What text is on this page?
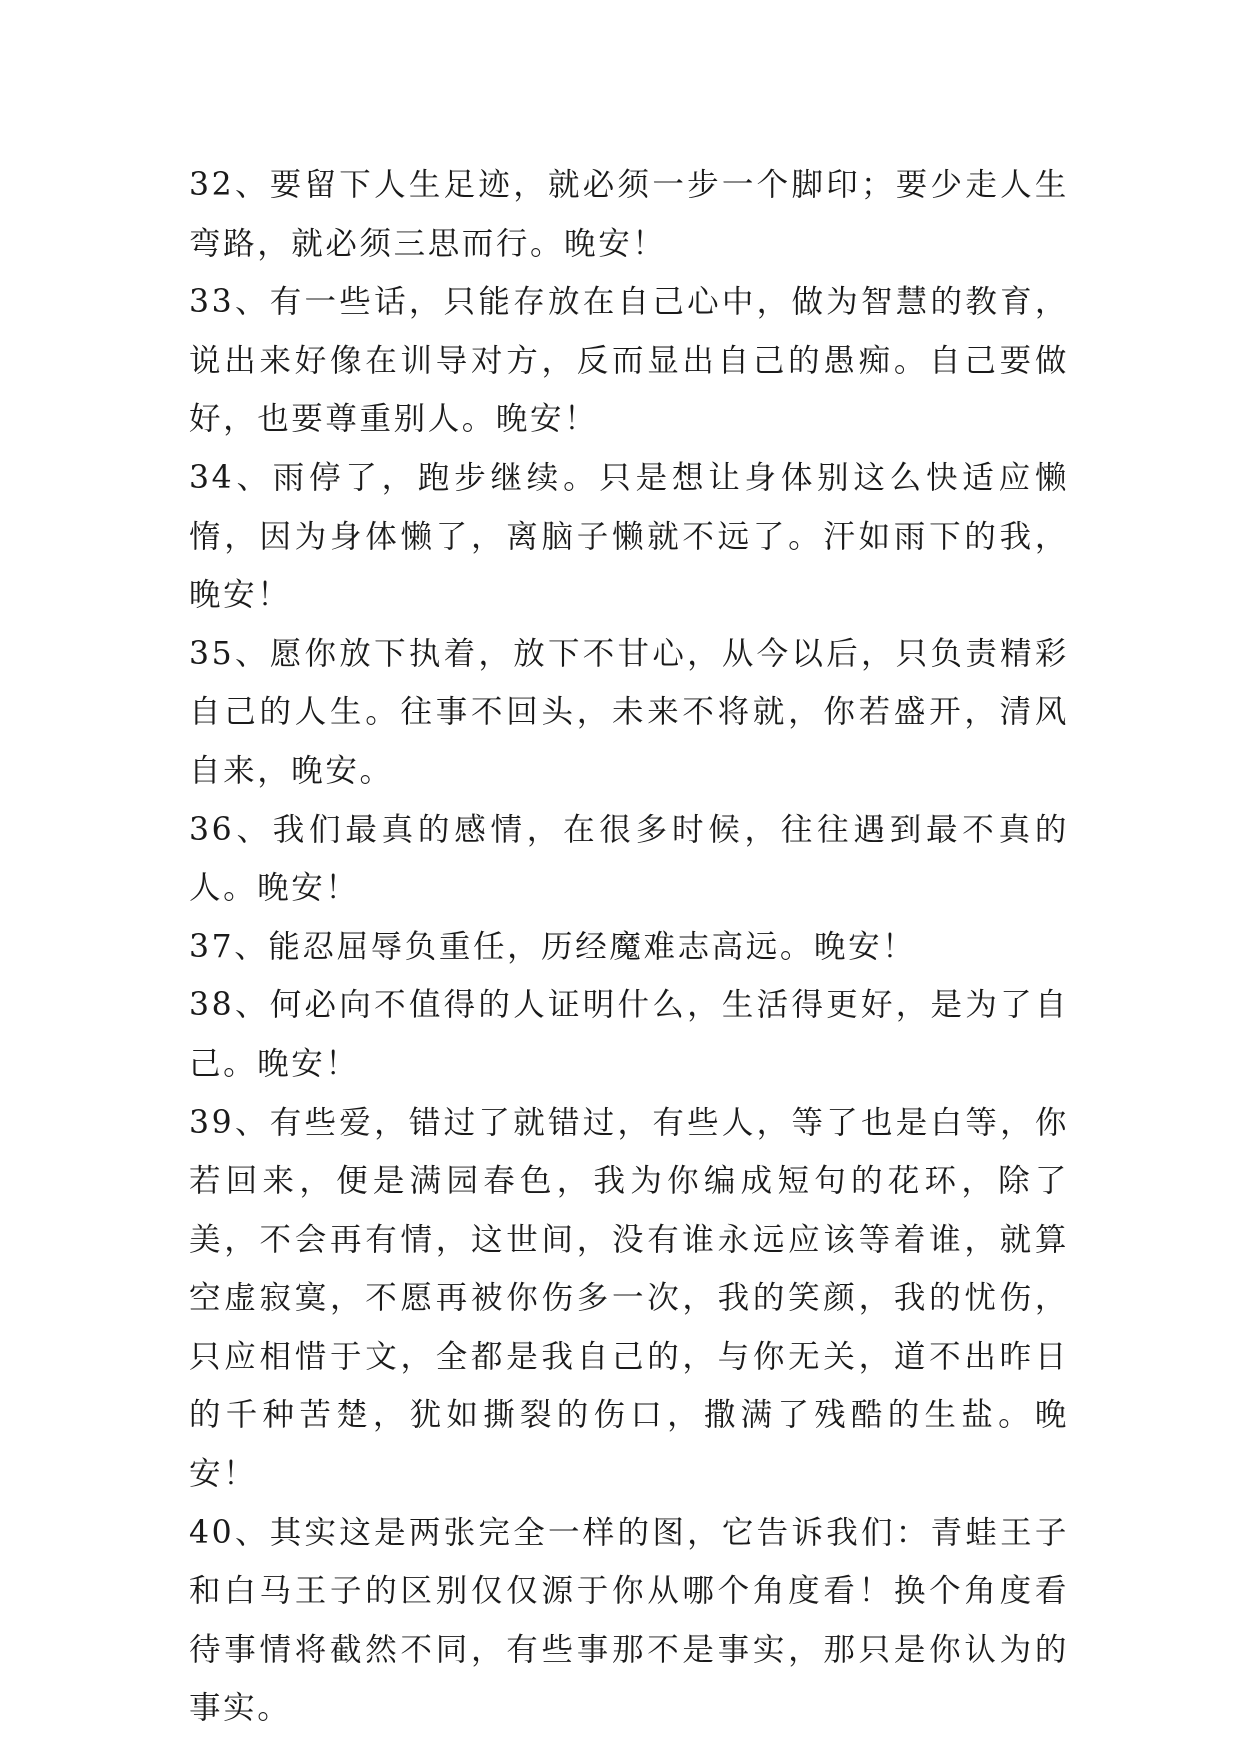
32、要留下人生足迹，就必须一步一个脚印；要少走人生弯路，就必须三思而行。晚安！

33、有一些话，只能存放在自己心中，做为智慧的教育，说出来好像在训导对方，反而显出自己的愚痴。自己要做好，也要尊重别人。晚安！

34、雨停了，跑步继续。只是想让身体别这么快适应懒惰，因为身体懒了，离脑子懒就不远了。汗如雨下的我，晚安！

35、愿你放下执着，放下不甘心，从今以后，只负责精彩自己的人生。往事不回头，未来不将就，你若盛开，清风自来，晚安。

36、我们最真的感情，在很多时候，往往遇到最不真的人。晚安！

37、能忍屈辱负重任，历经魔难志高远。晚安！

38、何必向不值得的人证明什么，生活得更好，是为了自己。晚安！

39、有些爱，错过了就错过，有些人，等了也是白等，你若回来，便是满园春色，我为你编成短句的花环，除了美，不会再有情，这世间，没有谁永远应该等着谁，就算空虚寂寞，不愿再被你伤多一次，我的笑颜，我的忧伤，只应相惜于文，全都是我自己的，与你无关，道不出昨日的千种苦楚，犹如撕裂的伤口，撒满了残酷的生盐。晚安！

40、其实这是两张完全一样的图，它告诉我们：青蛙王子和白马王子的区别仅仅源于你从哪个角度看！换个角度看待事情将截然不同，有些事那不是事实，那只是你认为的事实。
